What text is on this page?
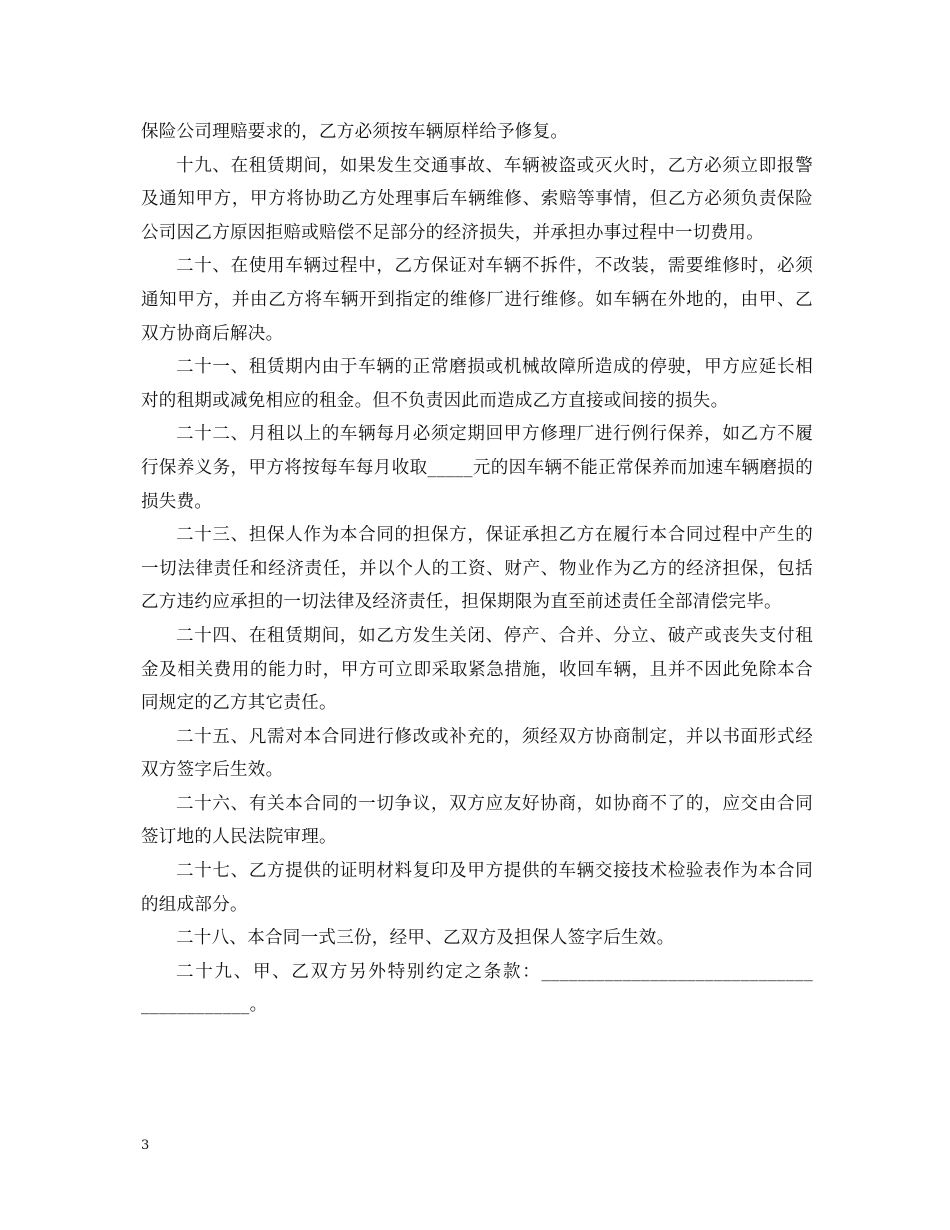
保险公司理赔要求的，乙方必须按车辆原样给予修复。

十九、在租赁期间，如果发生交通事故、车辆被盗或灭火时，乙方必须立即报警及通知甲方，甲方将协助乙方处理事后车辆维修、索赔等事情，但乙方必须负责保险公司因乙方原因拒赔或赔偿不足部分的经济损失，并承担办事过程中一切费用。

二十、在使用车辆过程中，乙方保证对车辆不拆件，不改装，需要维修时，必须通知甲方，并由乙方将车辆开到指定的维修厂进行维修。如车辆在外地的，由甲、乙双方协商后解决。

二十一、租赁期内由于车辆的正常磨损或机械故障所造成的停驶，甲方应延长相对的租期或减免相应的租金。但不负责因此而造成乙方直接或间接的损失。

二十二、月租以上的车辆每月必须定期回甲方修理厂进行例行保养，如乙方不履行保养义务，甲方将按每车每月收取_____元的因车辆不能正常保养而加速车辆磨损的损失费。

二十三、担保人作为本合同的担保方，保证承担乙方在履行本合同过程中产生的一切法律责任和经济责任，并以个人的工资、财产、物业作为乙方的经济担保，包括乙方违约应承担的一切法律及经济责任，担保期限为直至前述责任全部清偿完毕。

二十四、在租赁期间，如乙方发生关闭、停产、合并、分立、破产或丧失支付租金及相关费用的能力时，甲方可立即采取紧急措施，收回车辆，且并不因此免除本合同规定的乙方其它责任。

二十五、凡需对本合同进行修改或补充的，须经双方协商制定，并以书面形式经双方签字后生效。

二十六、有关本合同的一切争议，双方应友好协商，如协商不了的，应交由合同签订地的人民法院审理。

二十七、乙方提供的证明材料复印及甲方提供的车辆交接技术检验表作为本合同的组成部分。

二十八、本合同一式三份，经甲、乙双方及担保人签字后生效。

二十九、甲、乙双方另外特别约定之条款：______________________________ ____________。

3
